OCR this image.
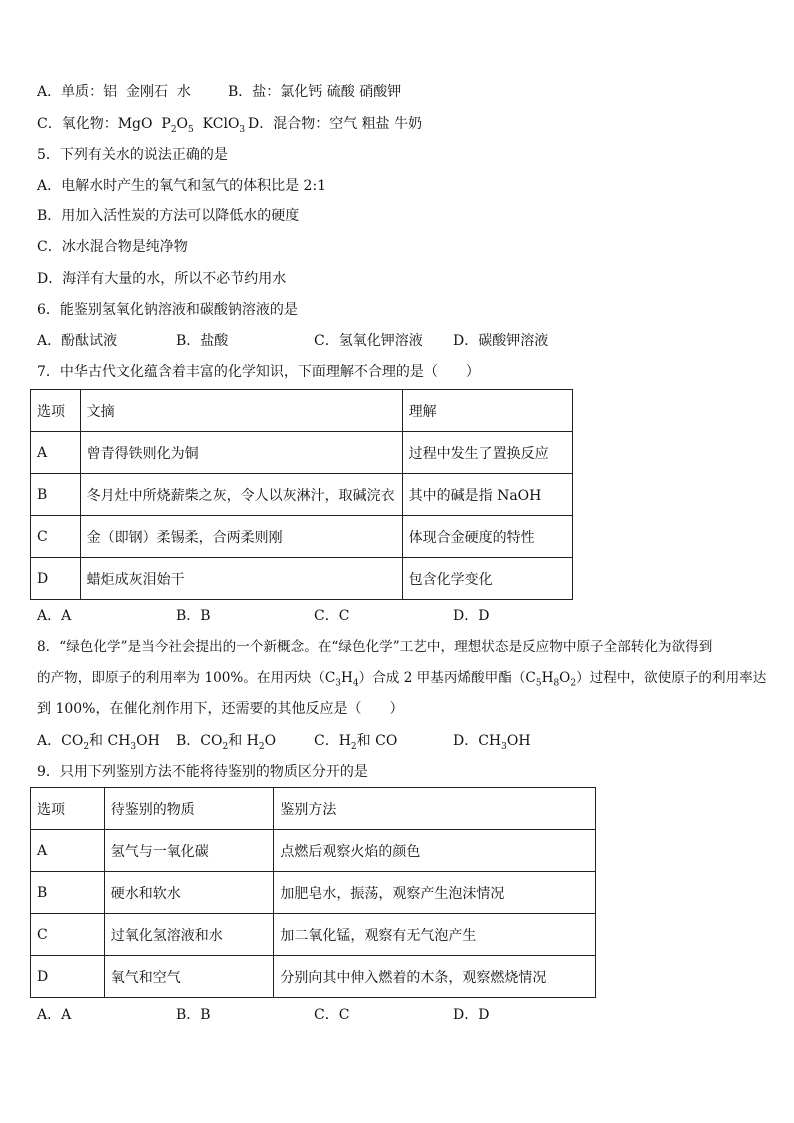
A．单质：铝  金刚石  水	B．盐：氯化钙 硫酸 硝酸钾
C．氧化物：MgO  $P_2O_5$  KClO$_3$ D．混合物：空气 粗盐 牛奶
5．下列有关水的说法正确的是
A．电解水时产生的氧气和氢气的体积比是 2:1
B．用加入活性炭的方法可以降低水的硬度
C．冰水混合物是纯净物
D．海洋有大量的水，所以不必节约用水
6．能鉴别氢氧化钠溶液和碳酸钠溶液的是
A．酚酞试液	B．盐酸	C．氢氧化钾溶液 D．碳酸钾溶液
7．中华古代文化蕴含着丰富的化学知识，下面理解不合理的是（　　）
选项	文摘	理解
A	曾青得铁则化为铜	过程中发生了置换反应
B	冬月灶中所烧薪柴之灰，令人以灰淋汁，取碱浣衣	其中的碱是指 NaOH
C	金（即钢）柔锡柔，合两柔则刚	体现合金硬度的特性
D	蜡炬成灰泪始干	包含化学变化
A．A	B．B	C．C	D．D
8．“绿色化学”是当今社会提出的一个新概念。在“绿色化学”工艺中，理想状态是反应物中原子全部转化为欲得到
的产物，即原子的利用率为 100%。在用丙炔$(C_3H_4)$合成 2 甲基丙烯酸甲酯$(C_5H_8O_2)$过程中，欲使原子的利用率达
到 100%，在催化剂作用下，还需要的其他反应是（　　）
A．$CO_2$和 $CH_3OH$ B．$CO_2$和 $H_2O$	C．$H_2$和 CO	D．$CH_3OH$
9．只用下列鉴别方法不能将待鉴别的物质区分开的是
选项	待鉴别的物质	鉴别方法
A	氢气与一氧化碳	点燃后观察火焰的颜色
B	硬水和软水	加肥皂水，振荡，观察产生泡沫情况
C	过氧化氢溶液和水	加二氧化锰，观察有无气泡产生
D	氧气和空气	分别向其中伸入燃着的木条，观察燃烧情况
A．A	B．B	C．C	D．D
